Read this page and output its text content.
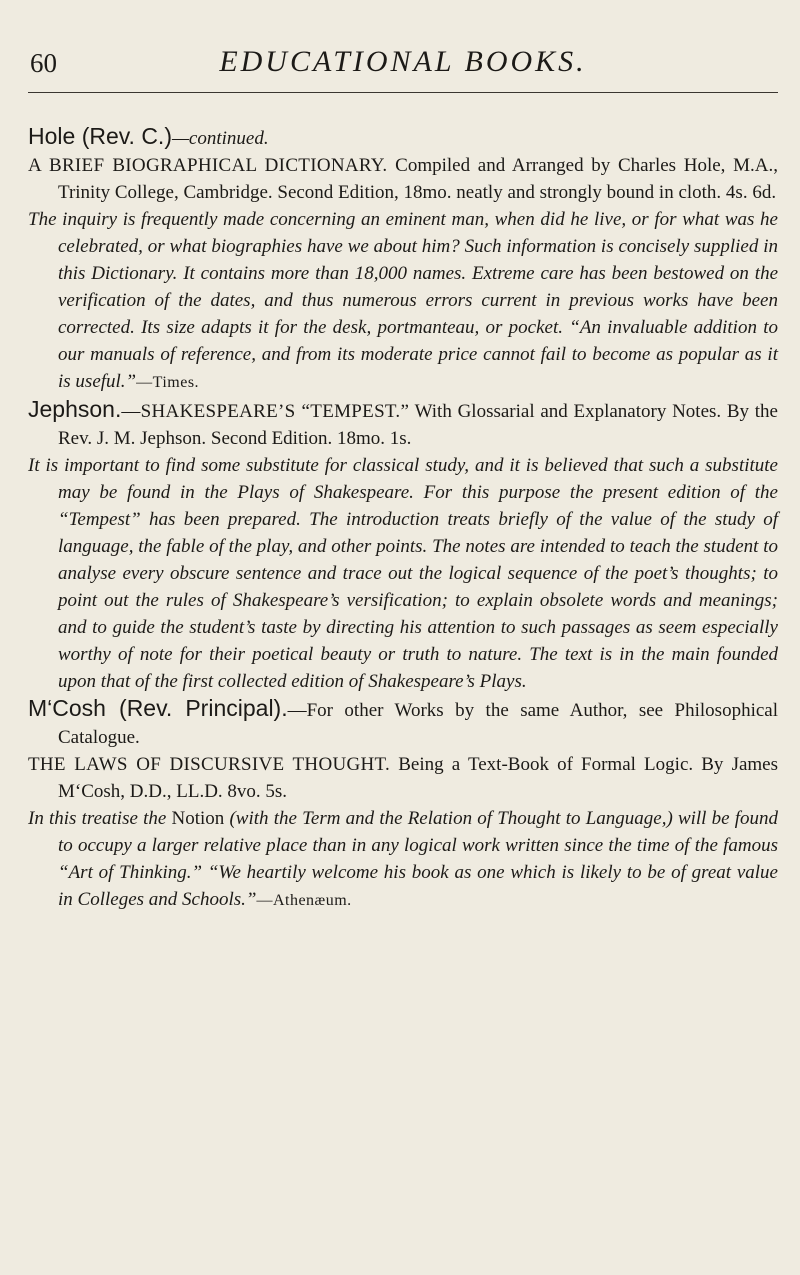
60	EDUCATIONAL BOOKS.

Hole (Rev. C.)—continued.

A BRIEF BIOGRAPHICAL DICTIONARY. Compiled and Arranged by Charles Hole, M.A., Trinity College, Cambridge. Second Edition, 18mo. neatly and strongly bound in cloth. 4s. 6d.

The inquiry is frequently made concerning an eminent man, when did he live, or for what was he celebrated, or what biographies have we about him? Such information is concisely supplied in this Dictionary. It contains more than 18,000 names. Extreme care has been bestowed on the verification of the dates, and thus numerous errors current in previous works have been corrected. Its size adapts it for the desk, portmanteau, or pocket. “An invaluable addition to our manuals of reference, and from its moderate price cannot fail to become as popular as it is useful.”—Times.

Jephson.—SHAKESPEARE’S “TEMPEST.” With Glossarial and Explanatory Notes. By the Rev. J. M. Jephson. Second Edition. 18mo. 1s.

It is important to find some substitute for classical study, and it is believed that such a substitute may be found in the Plays of Shakespeare. For this purpose the present edition of the “Tempest” has been prepared. The introduction treats briefly of the value of the study of language, the fable of the play, and other points. The notes are intended to teach the student to analyse every obscure sentence and trace out the logical sequence of the poet’s thoughts; to point out the rules of Shakespeare’s versification; to explain obsolete words and meanings; and to guide the student’s taste by directing his attention to such passages as seem especially worthy of note for their poetical beauty or truth to nature. The text is in the main founded upon that of the first collected edition of Shakespeare’s Plays.

M‘Cosh (Rev. Principal).—For other Works by the same Author, see Philosophical Catalogue.

THE LAWS OF DISCURSIVE THOUGHT. Being a Text-Book of Formal Logic. By James M‘Cosh, D.D., LL.D. 8vo. 5s.

In this treatise the Notion (with the Term and the Relation of Thought to Language,) will be found to occupy a larger relative place than in any logical work written since the time of the famous “Art of Thinking.” “We heartily welcome his book as one which is likely to be of great value in Colleges and Schools.”—Athenæum.
